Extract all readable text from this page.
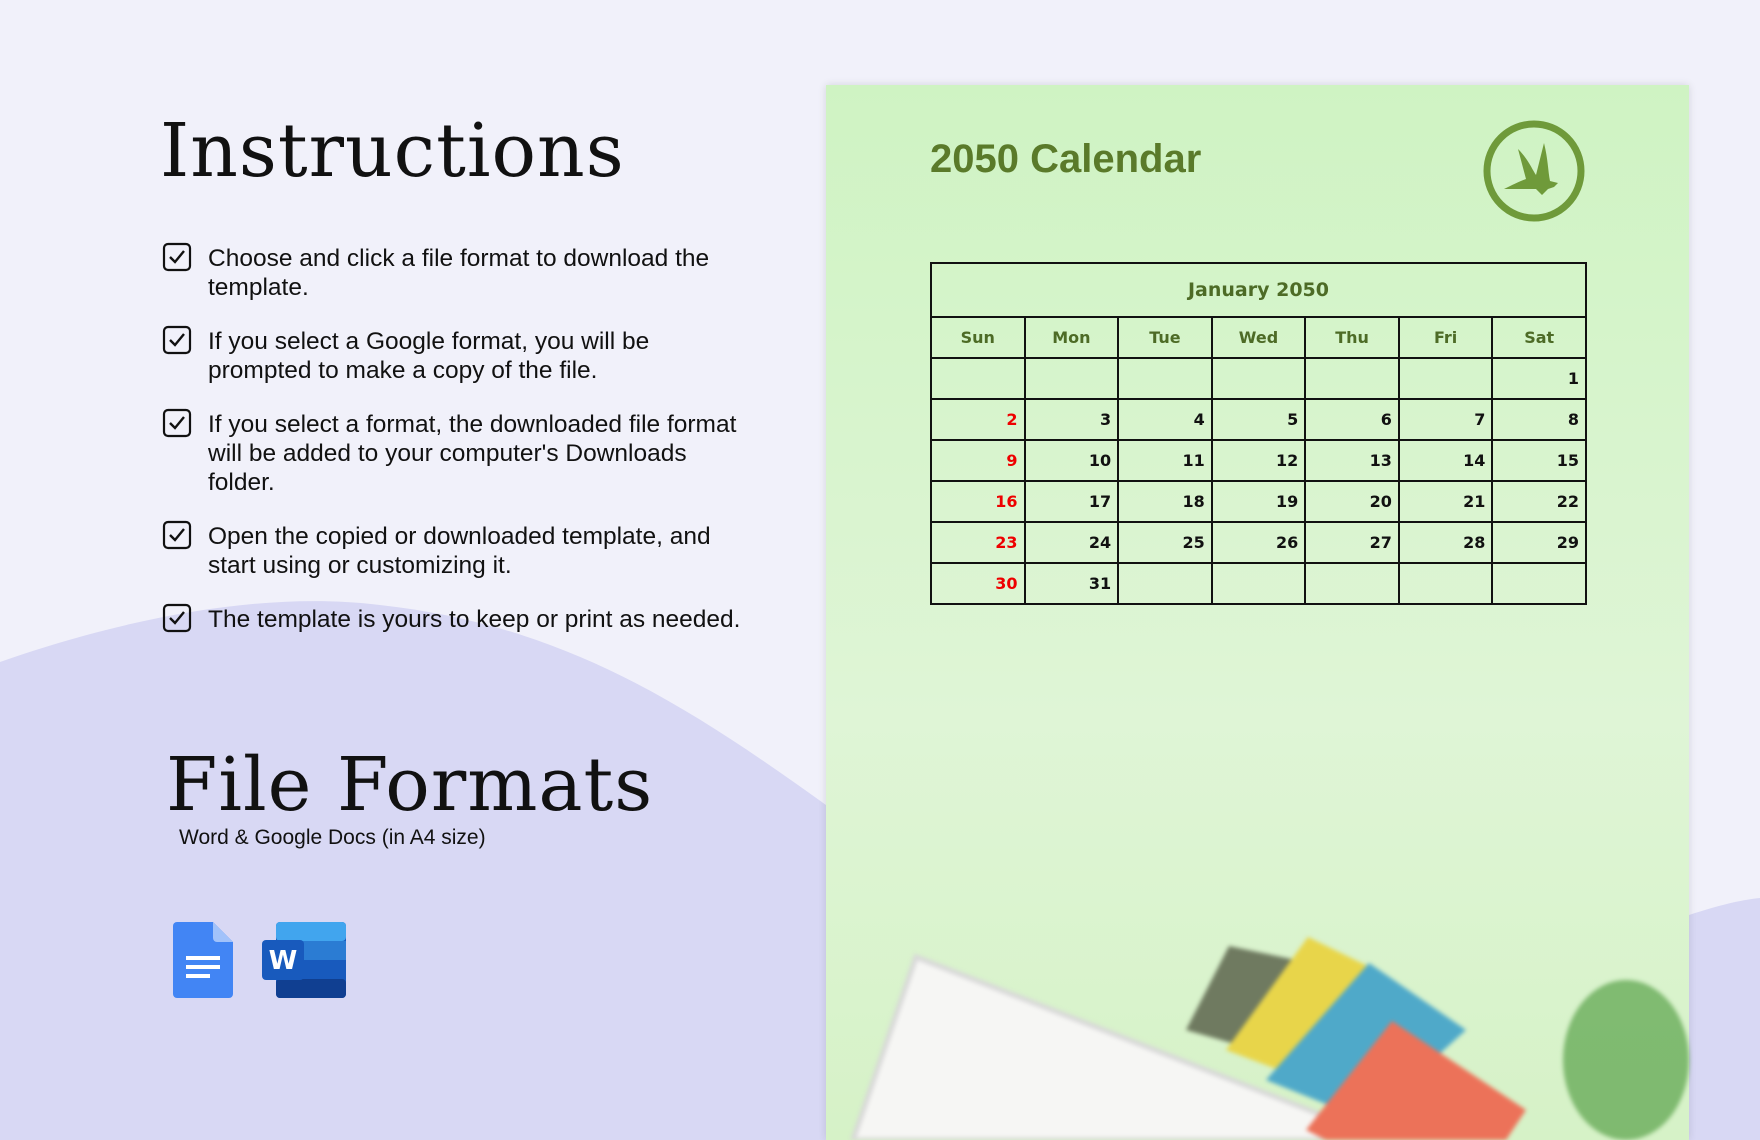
Instructions
Choose and click a file format to download the template.
If you select a Google format, you will be prompted to make a copy of the file.
If you select a format, the downloaded file format will be added to your computer's Downloads folder.
Open the copied or downloaded template, and start using or customizing it.
The template is yours to keep or print as needed.
File Formats
Word & Google Docs (in A4 size)
W
2050 Calendar
January 2050						
Sun	Mon	Tue	Wed	Thu	Fri	Sat
						1
2	3	4	5	6	7	8
9	10	11	12	13	14	15
16	17	18	19	20	21	22
23	24	25	26	27	28	29
30	31					
